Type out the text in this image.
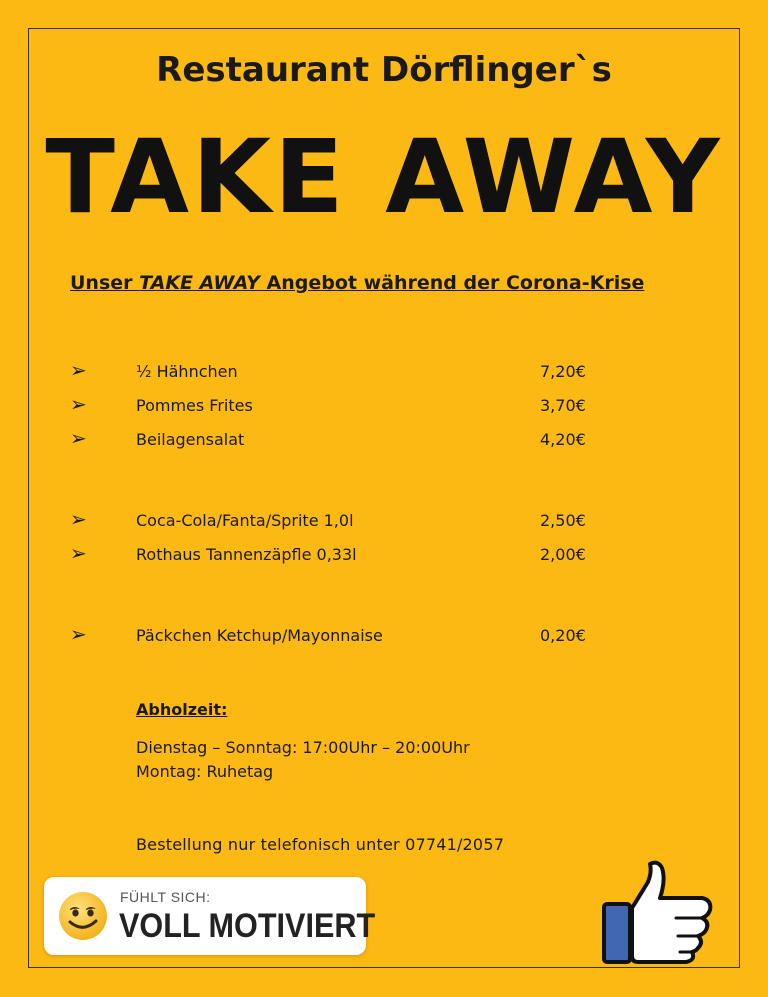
Restaurant Dörflinger`s
TAKE AWAY
Unser TAKE AWAY Angebot während der Corona-Krise
➢	½ Hähnchen	7,20€
➢	Pommes Frites	3,70€
➢	Beilagensalat	4,20€
➢	Coca-Cola/Fanta/Sprite 1,0l	2,50€
➢	Rothaus Tannenzäpfle 0,33l	2,00€
➢	Päckchen Ketchup/Mayonnaise	0,20€
Abholzeit:
Dienstag – Sonntag: 17:00Uhr – 20:00Uhr
Montag: Ruhetag
Bestellung nur telefonisch unter 07741/2057
FÜHLT SICH:
VOLL MOTIVIERT
